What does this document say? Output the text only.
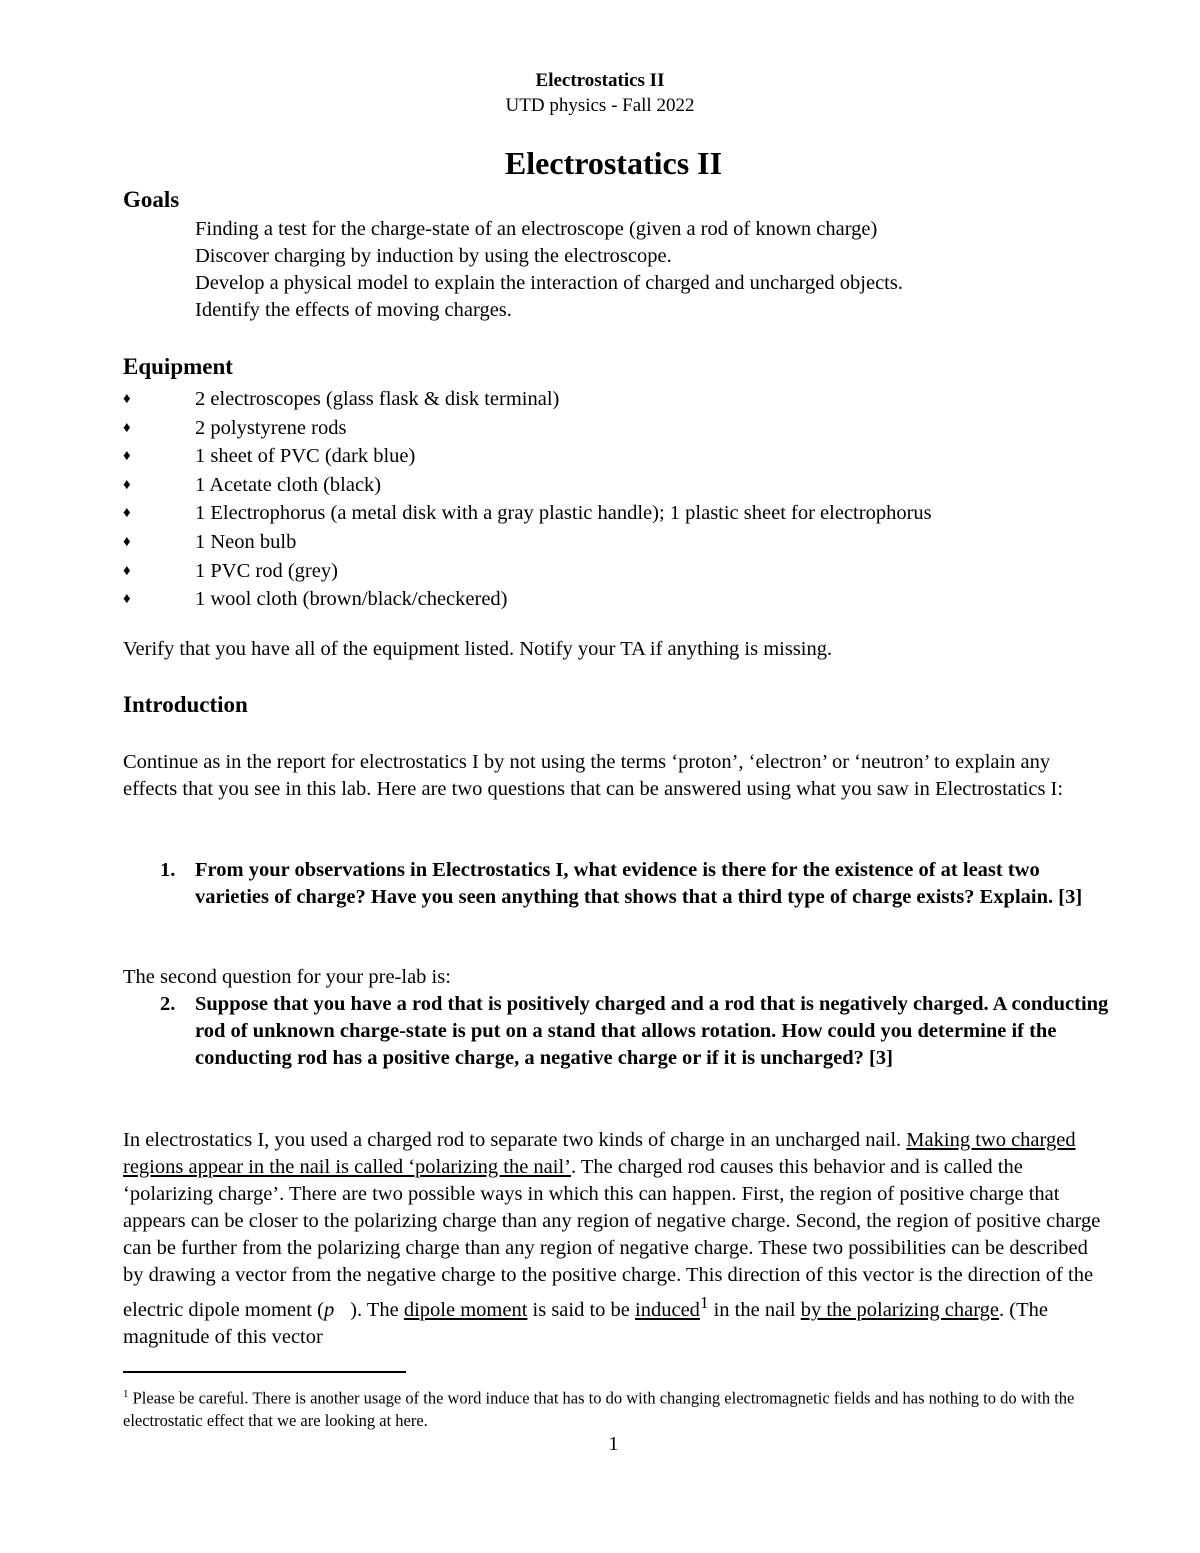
Electrostatics II
UTD physics - Fall 2022
Electrostatics II
Goals
Finding a test for the charge-state of an electroscope (given a rod of known charge)
Discover charging by induction by using the electroscope.
Develop a physical model to explain the interaction of charged and uncharged objects.
Identify the effects of moving charges.
Equipment
♦	2 electroscopes (glass flask & disk terminal)
♦	2 polystyrene rods
♦	1 sheet of PVC (dark blue)
♦	1 Acetate cloth (black)
♦	1 Electrophorus (a metal disk with a gray plastic handle); 1 plastic sheet for electrophorus
♦	1 Neon bulb
♦	1 PVC rod (grey)
♦	1 wool cloth (brown/black/checkered)
Verify that you have all of the equipment listed. Notify your TA if anything is missing.
Introduction
Continue as in the report for electrostatics I by not using the terms ‘proton’, ‘electron’ or ‘neutron’ to explain any effects that you see in this lab. Here are two questions that can be answered using what you saw in Electrostatics I:
1. From your observations in Electrostatics I, what evidence is there for the existence of at least two varieties of charge? Have you seen anything that shows that a third type of charge exists? Explain. [3]
The second question for your pre-lab is:
2. Suppose that you have a rod that is positively charged and a rod that is negatively charged. A conducting rod of unknown charge-state is put on a stand that allows rotation. How could you determine if the conducting rod has a positive charge, a negative charge or if it is uncharged? [3]
In electrostatics I, you used a charged rod to separate two kinds of charge in an uncharged nail. Making two charged regions appear in the nail is called ‘polarizing the nail’. The charged rod causes this behavior and is called the ‘polarizing charge’. There are two possible ways in which this can happen. First, the region of positive charge that appears can be closer to the polarizing charge than any region of negative charge. Second, the region of positive charge can be further from the polarizing charge than any region of negative charge. These two possibilities can be described by drawing a vector from the negative charge to the positive charge. This direction of this vector is the direction of the electric dipole moment (p⃗). The dipole moment is said to be induced$^1$ in the nail by the polarizing charge. (The magnitude of this vector
$^1$ Please be careful. There is another usage of the word induce that has to do with changing electromagnetic fields and has nothing to do with the electrostatic effect that we are looking at here.
1
